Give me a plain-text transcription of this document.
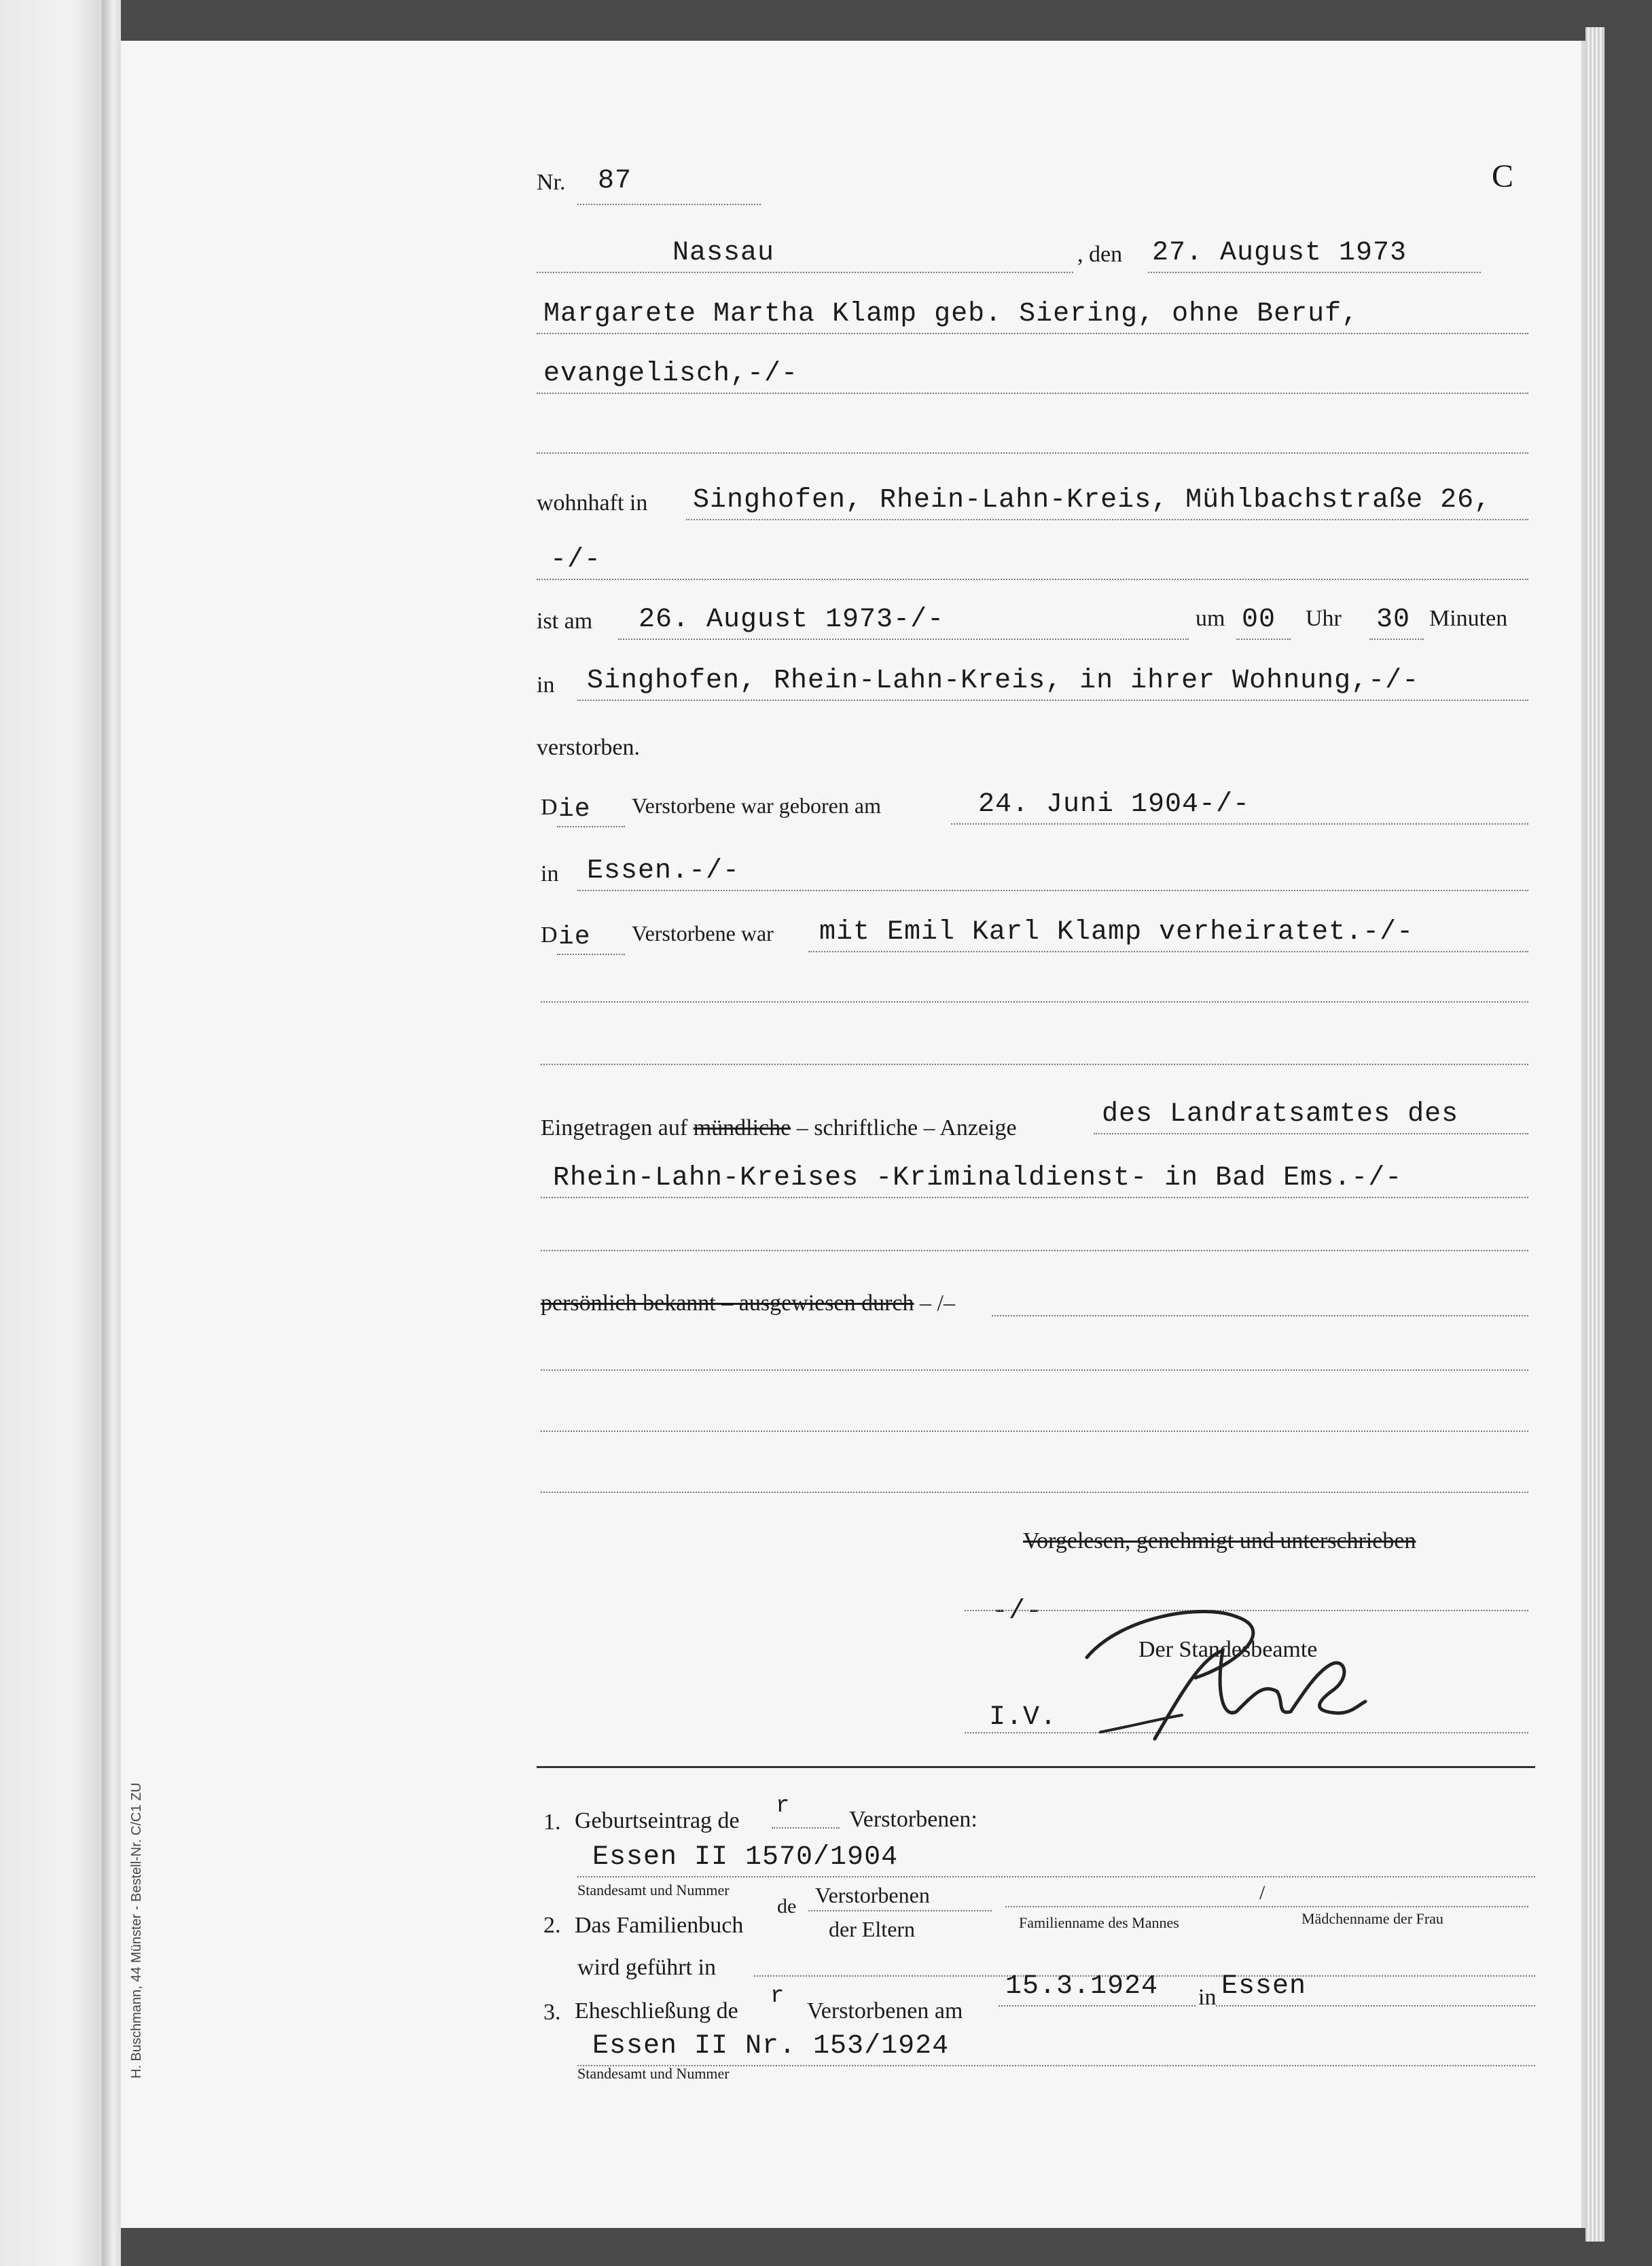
H. Buschmann, 44 Münster - Bestell-Nr. C/C1 ZU
Nr. 87	C
Nassau	, den 27. August 1973
Margarete Martha Klamp geb. Siering, ohne Beruf,
evangelisch,-/-
wohnhaft in Singhofen, Rhein-Lahn-Kreis, Mühlbachstraße 26,
-/-
ist am 26. August 1973-/-	um 00 Uhr 30 Minuten
in Singhofen, Rhein-Lahn-Kreis, in ihrer Wohnung,-/-
verstorben.
D ie Verstorbene war geboren am	24. Juni 1904-/-
in Essen.-/-
D ie Verstorbene war mit Emil Karl Klamp verheiratet.-/-
Eingetragen auf mündliche – schriftliche – Anzeige	des Landratsamtes des
Rhein-Lahn-Kreises -Kriminaldienst- in Bad Ems.-/-
persönlich bekannt – ausgewiesen durch – /–
Vorgelesen, genehmigt und unterschrieben
-/-
Der Standesbeamte
I.V.
1. Geburtseintrag de
r
Verstorbenen:
Essen II 1570/1904
Standesamt und Nummer
2. Das Familienbuch
de Verstorbenen
der Eltern	Familienname des Mannes
/
Mädchenname der Frau
wird geführt in
3. Eheschließung de
r
Verstorbenen am
15.3.1924 in Essen
Essen II Nr. 153/1924
Standesamt und Nummer
